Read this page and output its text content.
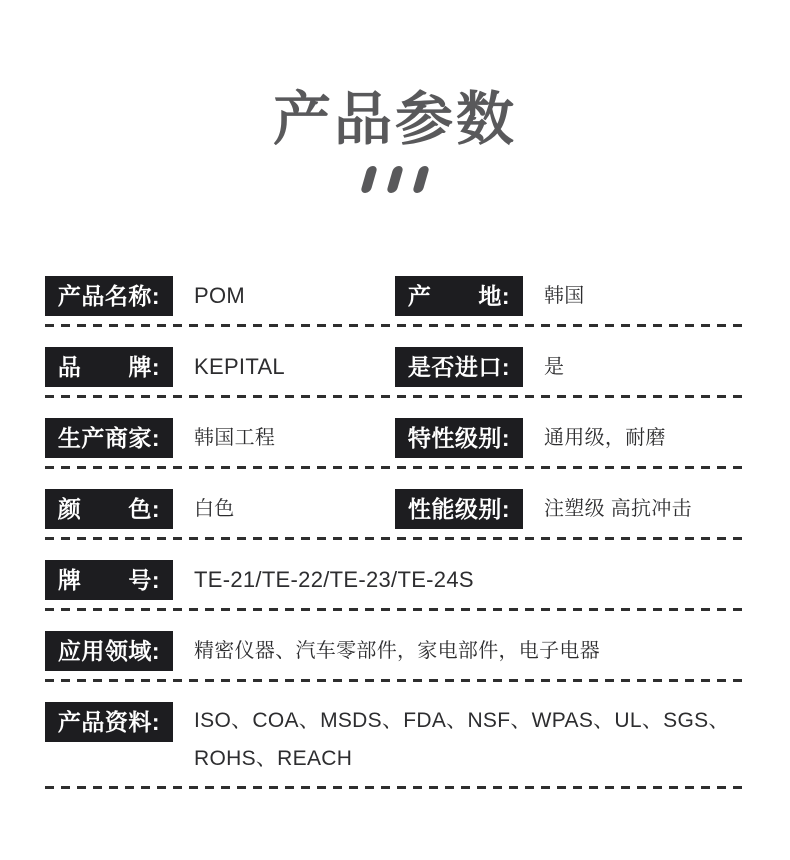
产品参数
产品名称:	POM	产　　地:	韩国
品　　牌:	KEPITAL	是否进口:	是
生产商家:	韩国工程	特性级别:	通用级，耐磨
颜　　色:	白色	性能级别:	注塑级 高抗冲击
牌　　号:	TE-21/TE-22/TE-23/TE-24S
应用领域:	精密仪器、汽车零部件，家电部件，电子电器
产品资料:	ISO、COA、MSDS、FDA、NSF、WPAS、UL、SGS、ROHS、REACH
